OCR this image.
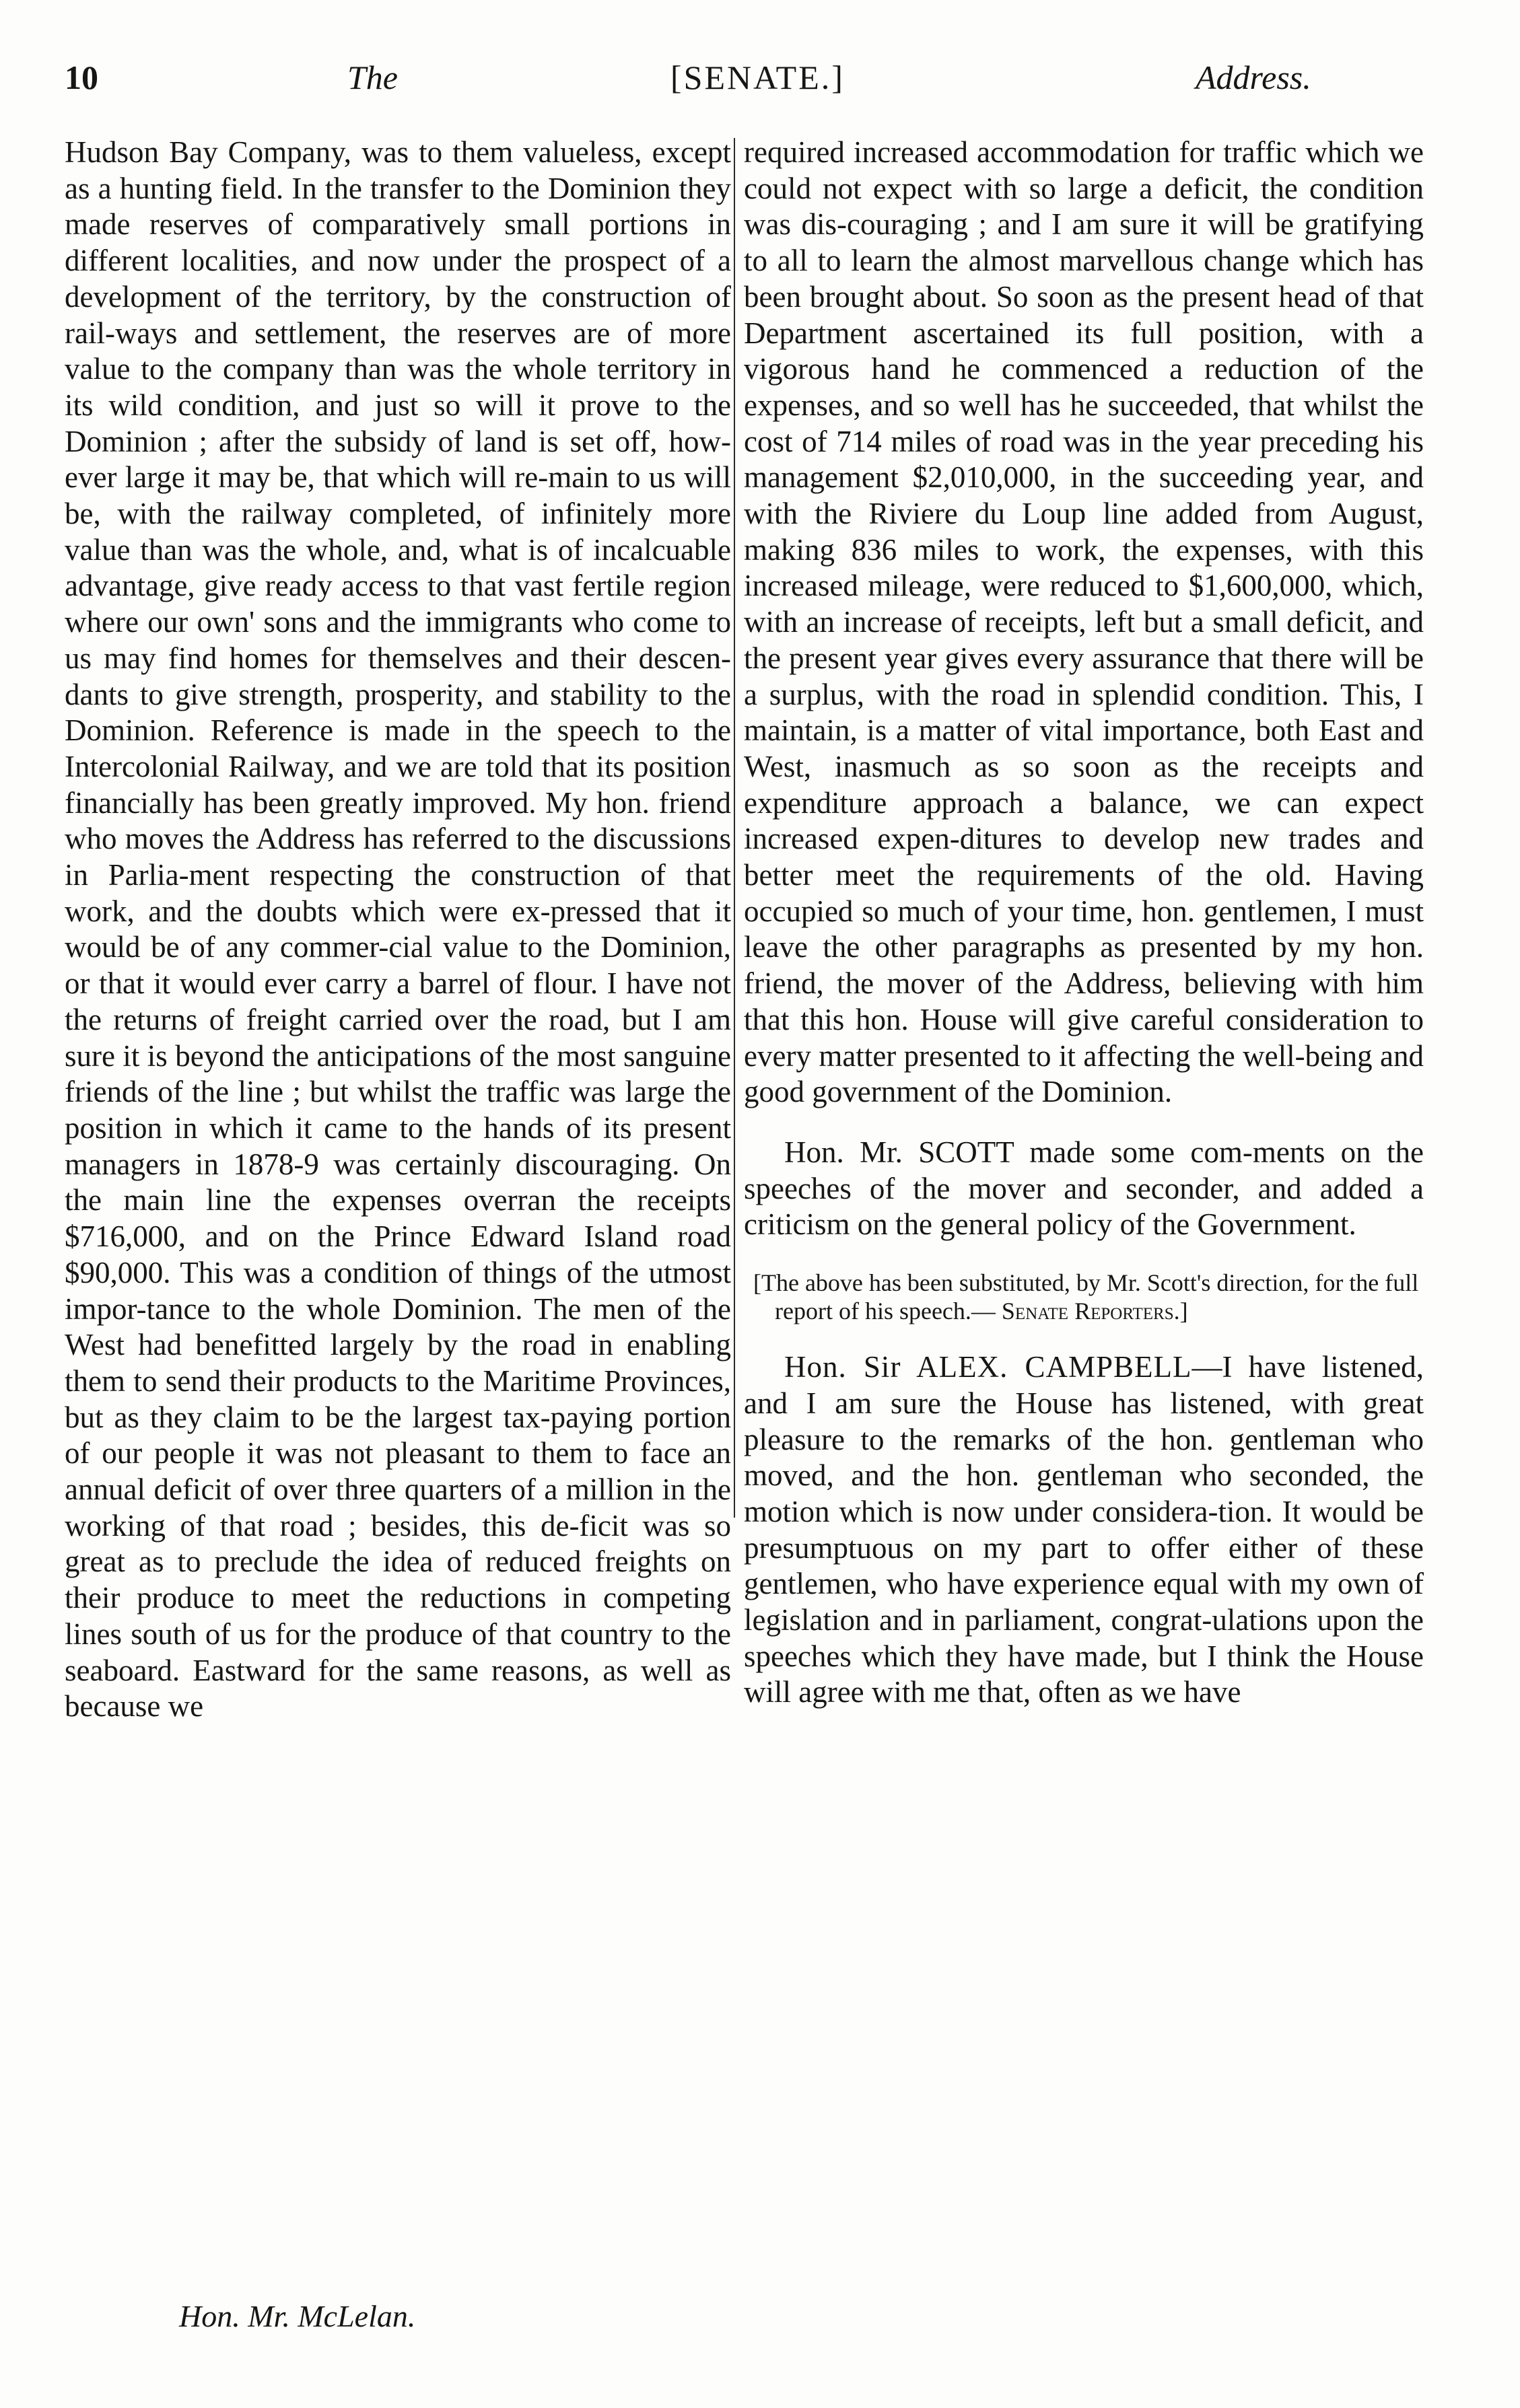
10	The	[SENATE.]	Address.

Hudson Bay Company, was to them valueless, except as a hunting field. In the transfer to the Dominion they made reserves of comparatively small portions in different localities, and now under the prospect of a development of the territory, by the construction of rail-ways and settlement, the reserves are of more value to the company than was the whole territory in its wild condition, and just so will it prove to the Dominion ; after the subsidy of land is set off, how-ever large it may be, that which will re-main to us will be, with the railway completed, of infinitely more value than was the whole, and, what is of incalcuable advantage, give ready access to that vast fertile region where our own' sons and the immigrants who come to us may find homes for themselves and their descen-dants to give strength, prosperity, and stability to the Dominion. Reference is made in the speech to the Intercolonial Railway, and we are told that its position financially has been greatly improved. My hon. friend who moves the Address has referred to the discussions in Parlia-ment respecting the construction of that work, and the doubts which were ex-pressed that it would be of any commer-cial value to the Dominion, or that it would ever carry a barrel of flour. I have not the returns of freight carried over the road, but I am sure it is beyond the anticipations of the most sanguine friends of the line ; but whilst the traffic was large the position in which it came to the hands of its present managers in 1878-9 was certainly discouraging. On the main line the expenses overran the receipts $716,000, and on the Prince Edward Island road $90,000. This was a condition of things of the utmost impor-tance to the whole Dominion. The men of the West had benefitted largely by the road in enabling them to send their products to the Maritime Provinces, but as they claim to be the largest tax-paying portion of our people it was not pleasant to them to face an annual deficit of over three quarters of a million in the working of that road ; besides, this de-ficit was so great as to preclude the idea of reduced freights on their produce to meet the reductions in competing lines south of us for the produce of that country to the seaboard. Eastward for the same reasons, as well as because we

required increased accommodation for traffic which we could not expect with so large a deficit, the condition was dis-couraging ; and I am sure it will be gratifying to all to learn the almost marvellous change which has been brought about. So soon as the present head of that Department ascertained its full position, with a vigorous hand he commenced a reduction of the expenses, and so well has he succeeded, that whilst the cost of 714 miles of road was in the year preceding his management $2,010,000, in the succeeding year, and with the Riviere du Loup line added from August, making 836 miles to work, the expenses, with this increased mileage, were reduced to $1,600,000, which, with an increase of receipts, left but a small deficit, and the present year gives every assurance that there will be a surplus, with the road in splendid condition. This, I maintain, is a matter of vital importance, both East and West, inasmuch as so soon as the receipts and expenditure approach a balance, we can expect increased expen-ditures to develop new trades and better meet the requirements of the old. Having occupied so much of your time, hon. gentlemen, I must leave the other paragraphs as presented by my hon. friend, the mover of the Address, believing with him that this hon. House will give careful consideration to every matter presented to it affecting the well-being and good government of the Dominion.

Hon. Mr. SCOTT made some com-ments on the speeches of the mover and seconder, and added a criticism on the general policy of the Government.

[The above has been substituted, by Mr. Scott's direction, for the full report of his speech.— Senate Reporters.]

Hon. Sir ALEX. CAMPBELL—I have listened, and I am sure the House has listened, with great pleasure to the remarks of the hon. gentleman who moved, and the hon. gentleman who seconded, the motion which is now under considera-tion. It would be presumptuous on my part to offer either of these gentlemen, who have experience equal with my own of legislation and in parliament, congrat-ulations upon the speeches which they have made, but I think the House will agree with me that, often as we have

Hon. Mr. McLelan.
